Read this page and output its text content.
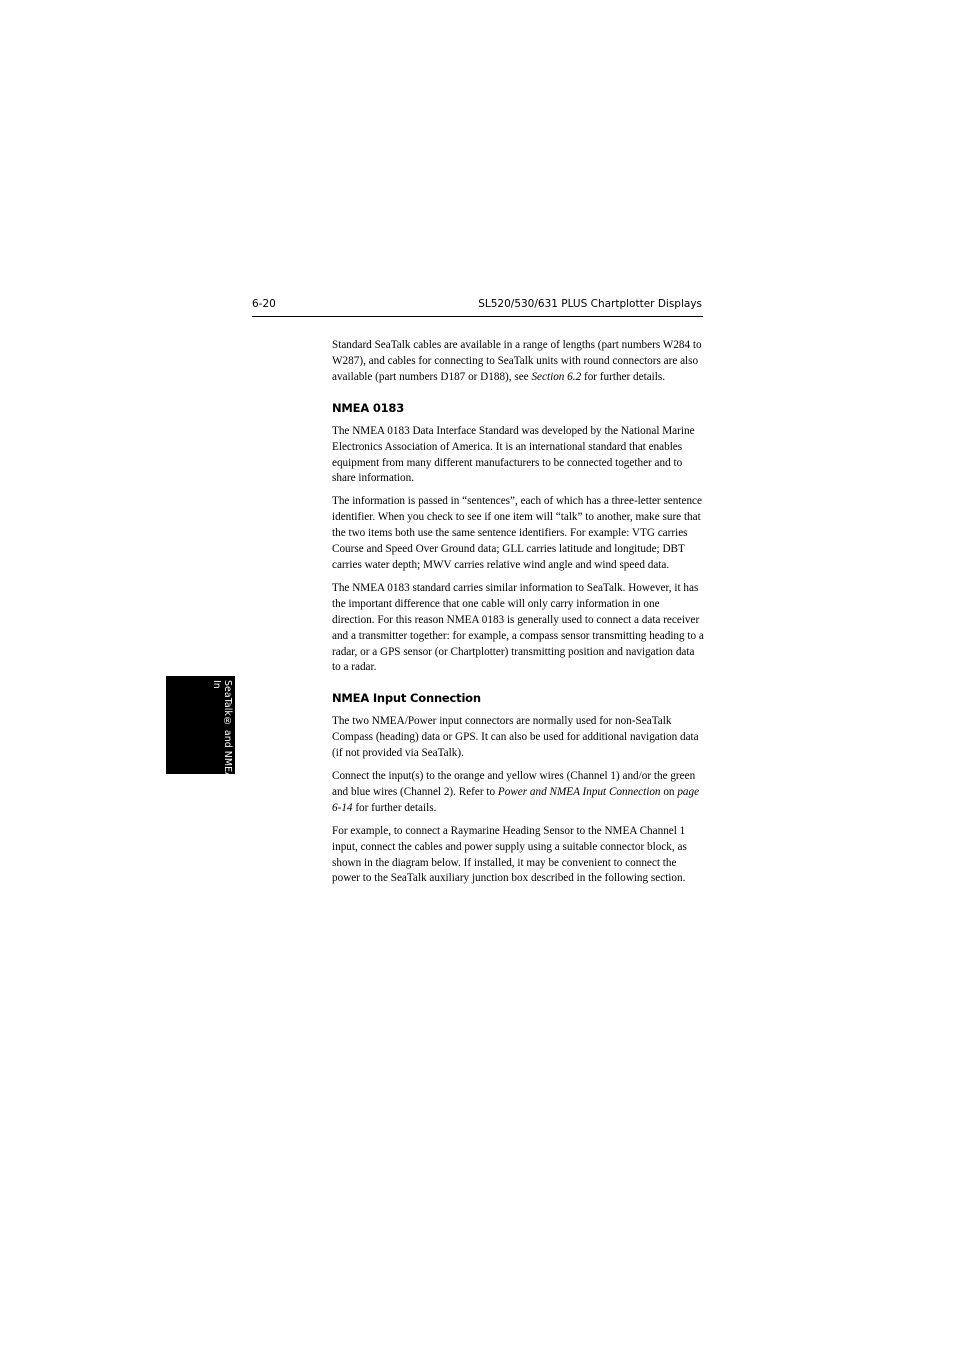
6-20	SL520/530/631 PLUS Chartplotter Displays
SeaTalk® and NMEA
In

Standard SeaTalk cables are available in a range of lengths (part numbers W284 to W287), and cables for connecting to SeaTalk units with round connectors are also available (part numbers D187 or D188), see Section 6.2 for further details.

NMEA 0183

The NMEA 0183 Data Interface Standard was developed by the National Marine Electronics Association of America. It is an international standard that enables equipment from many different manufacturers to be connected together and to share information.

The information is passed in “sentences”, each of which has a three-letter sentence identifier. When you check to see if one item will “talk” to another, make sure that the two items both use the same sentence identifiers. For example: VTG carries Course and Speed Over Ground data; GLL carries latitude and longitude; DBT carries water depth; MWV carries relative wind angle and wind speed data.

The NMEA 0183 standard carries similar information to SeaTalk. However, it has the important difference that one cable will only carry information in one direction. For this reason NMEA 0183 is generally used to connect a data receiver and a transmitter together: for example, a compass sensor transmitting heading to a radar, or a GPS sensor (or Chartplotter) transmitting position and navigation data to a radar.

NMEA Input Connection

The two NMEA/Power input connectors are normally used for non-SeaTalk Compass (heading) data or GPS. It can also be used for additional navigation data (if not provided via SeaTalk).

Connect the input(s) to the orange and yellow wires (Channel 1) and/or the green and blue wires (Channel 2). Refer to Power and NMEA Input Connection on page 6-14 for further details.

For example, to connect a Raymarine Heading Sensor to the NMEA Channel 1 input, connect the cables and power supply using a suitable connector block, as shown in the diagram below. If installed, it may be convenient to connect the power to the SeaTalk auxiliary junction box described in the following section.
